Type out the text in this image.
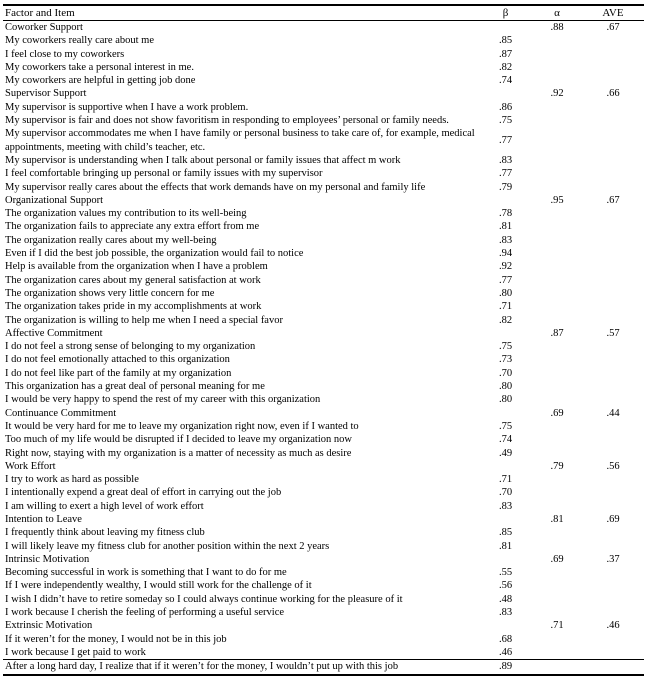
Factor and Item	β	α	AVE
Coworker Support		.88	.67
My coworkers really care about me	.85		
I feel close to my coworkers	.87		
My coworkers take a personal interest in me.	.82		
My coworkers are helpful in getting job done	.74		
Supervisor Support		.92	.66
My supervisor is supportive when I have a work problem.	.86		
My supervisor is fair and does not show favoritism in responding to employees’ personal or family needs.	.75		
My supervisor accommodates me when I have family or personal business to take care of, for example, medical appointments, meeting with child’s teacher, etc.	.77		
My supervisor is understanding when I talk about personal or family issues that affect m work	.83		
I feel comfortable bringing up personal or family issues with my supervisor	.77		
My supervisor really cares about the effects that work demands have on my personal and family life	.79		
Organizational Support		.95	.67
The organization values my contribution to its well-being	.78		
The organization fails to appreciate any extra effort from me	.81		
The organization really cares about my well-being	.83		
Even if I did the best job possible, the organization would fail to notice	.94		
Help is available from the organization when I have a problem	.92		
The organization cares about my general satisfaction at work	.77		
The organization shows very little concern for me	.80		
The organization takes pride in my accomplishments at work	.71		
The organization is willing to help me when I need a special favor	.82		
Affective Commitment		.87	.57
I do not feel a strong sense of belonging to my organization	.75		
I do not feel emotionally attached to this organization	.73		
I do not feel like part of the family at my organization	.70		
This organization has a great deal of personal meaning for me	.80		
I would be very happy to spend the rest of my career with this organization	.80		
Continuance Commitment		.69	.44
It would be very hard for me to leave my organization right now, even if I wanted to	.75		
Too much of my life would be disrupted if I decided to leave my organization now	.74		
Right now, staying with my organization is a matter of necessity as much as desire	.49		
Work Effort		.79	.56
I try to work as hard as possible	.71		
I intentionally expend a great deal of effort in carrying out the job	.70		
I am willing to exert a high level of work effort	.83		
Intention to Leave		.81	.69
I frequently think about leaving my fitness club	.85		
I will likely leave my fitness club for another position within the next 2 years	.81		
Intrinsic Motivation		.69	.37
Becoming successful in work is something that I want to do for me	.55		
If I were independently wealthy, I would still work for the challenge of it	.56		
I wish I didn’t have to retire someday so I could always continue working for the pleasure of it	.48		
I work because I cherish the feeling of performing a useful service	.83		
Extrinsic Motivation		.71	.46
If it weren’t for the money, I would not be in this job	.68		
I work because I get paid to work	.46		
After a long hard day, I realize that if it weren’t for the money, I wouldn’t put up with this job	.89		
